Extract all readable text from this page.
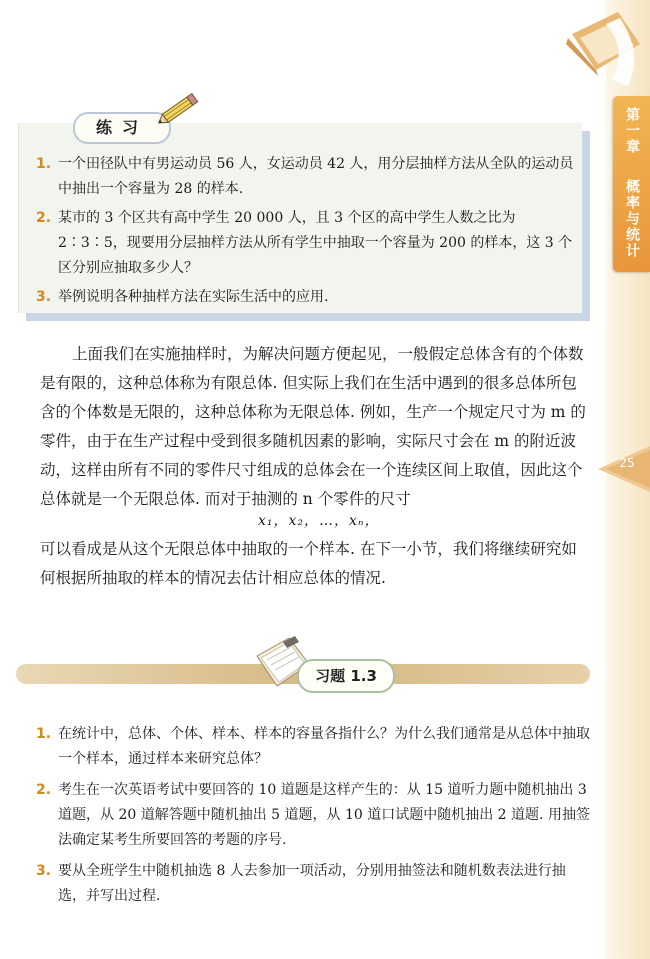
第一章
概率与统计
25
练习
1. 一个田径队中有男运动员 56 人，女运动员 42 人，用分层抽样方法从全队的运动员中抽出一个容量为 28 的样本.
2. 某市的 3 个区共有高中学生 20 000 人，且 3 个区的高中学生人数之比为 2∶3∶5，现要用分层抽样方法从所有学生中抽取一个容量为 200 的样本，这 3 个区分别应抽取多少人？
3. 举例说明各种抽样方法在实际生活中的应用.
上面我们在实施抽样时，为解决问题方便起见，一般假定总体含有的个体数是有限的，这种总体称为有限总体. 但实际上我们在生活中遇到的很多总体所包含的个体数是无限的，这种总体称为无限总体. 例如，生产一个规定尺寸为 m 的零件，由于在生产过程中受到很多随机因素的影响，实际尺寸会在 m 的附近波动，这样由所有不同的零件尺寸组成的总体会在一个连续区间上取值，因此这个总体就是一个无限总体. 而对于抽测的 n 个零件的尺寸
x₁，x₂，…，xₙ，
可以看成是从这个无限总体中抽取的一个样本. 在下一小节，我们将继续研究如何根据所抽取的样本的情况去估计相应总体的情况.
习题 1.3
1. 在统计中，总体、个体、样本、样本的容量各指什么？为什么我们通常是从总体中抽取一个样本，通过样本来研究总体？
2. 考生在一次英语考试中要回答的 10 道题是这样产生的：从 15 道听力题中随机抽出 3 道题，从 20 道解答题中随机抽出 5 道题，从 10 道口试题中随机抽出 2 道题. 用抽签法确定某考生所要回答的考题的序号.
3. 要从全班学生中随机抽选 8 人去参加一项活动，分别用抽签法和随机数表法进行抽选，并写出过程.
